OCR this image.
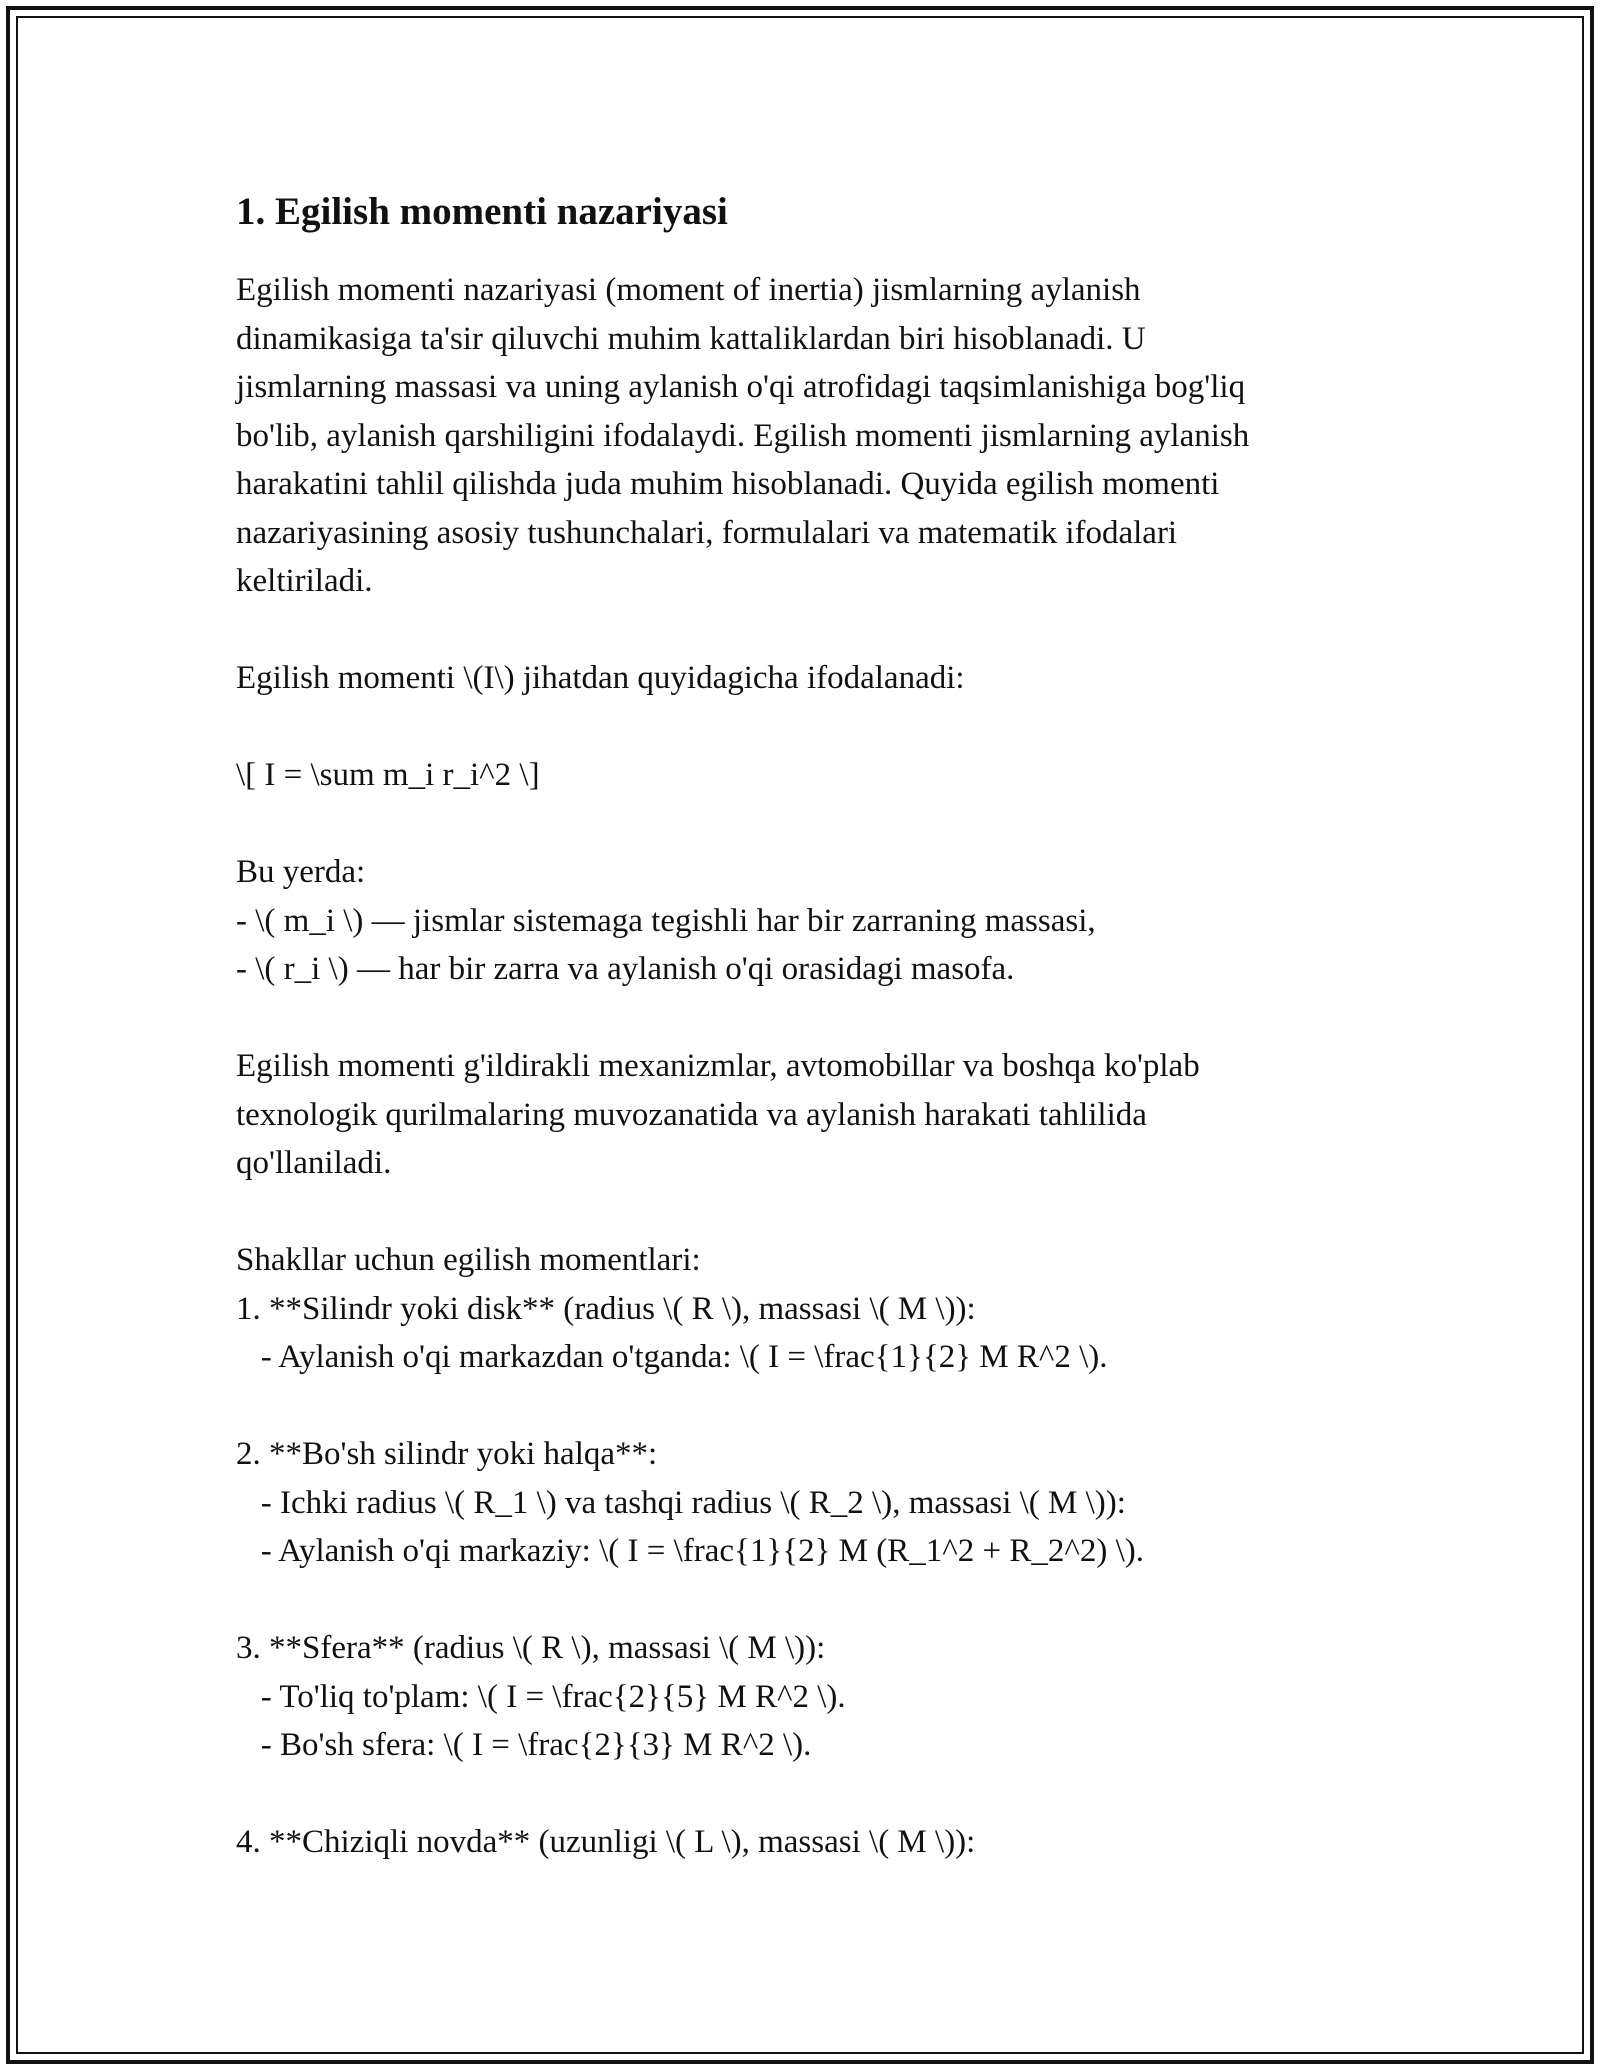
1. Egilish momenti nazariyasi
Egilish momenti nazariyasi (moment of inertia) jismlarning aylanish
dinamikasiga ta'sir qiluvchi muhim kattaliklardan biri hisoblanadi. U
jismlarning massasi va uning aylanish o'qi atrofidagi taqsimlanishiga bog'liq
bo'lib, aylanish qarshiligini ifodalaydi. Egilish momenti jismlarning aylanish
harakatini tahlil qilishda juda muhim hisoblanadi. Quyida egilish momenti
nazariyasining asosiy tushunchalari, formulalari va matematik ifodalari
keltiriladi.
Egilish momenti \(I\) jihatdan quyidagicha ifodalanadi:
\[ I = \sum m_i r_i^2 \]
Bu yerda:
- \( m_i \) — jismlar sistemaga tegishli har bir zarraning massasi,
- \( r_i \) — har bir zarra va aylanish o'qi orasidagi masofa.
Egilish momenti g'ildirakli mexanizmlar, avtomobillar va boshqa ko'plab
texnologik qurilmalaring muvozanatida va aylanish harakati tahlilida
qo'llaniladi.
Shakllar uchun egilish momentlari:
1. **Silindr yoki disk** (radius \( R \), massasi \( M \)):
- Aylanish o'qi markazdan o'tganda: \( I = \frac{1}{2} M R^2 \).
2. **Bo'sh silindr yoki halqa**:
- Ichki radius \( R_1 \) va tashqi radius \( R_2 \), massasi \( M \)):
- Aylanish o'qi markaziy: \( I = \frac{1}{2} M (R_1^2 + R_2^2) \).
3. **Sfera** (radius \( R \), massasi \( M \)):
- To'liq to'plam: \( I = \frac{2}{5} M R^2 \).
- Bo'sh sfera: \( I = \frac{2}{3} M R^2 \).
4. **Chiziqli novda** (uzunligi \( L \), massasi \( M \)):
